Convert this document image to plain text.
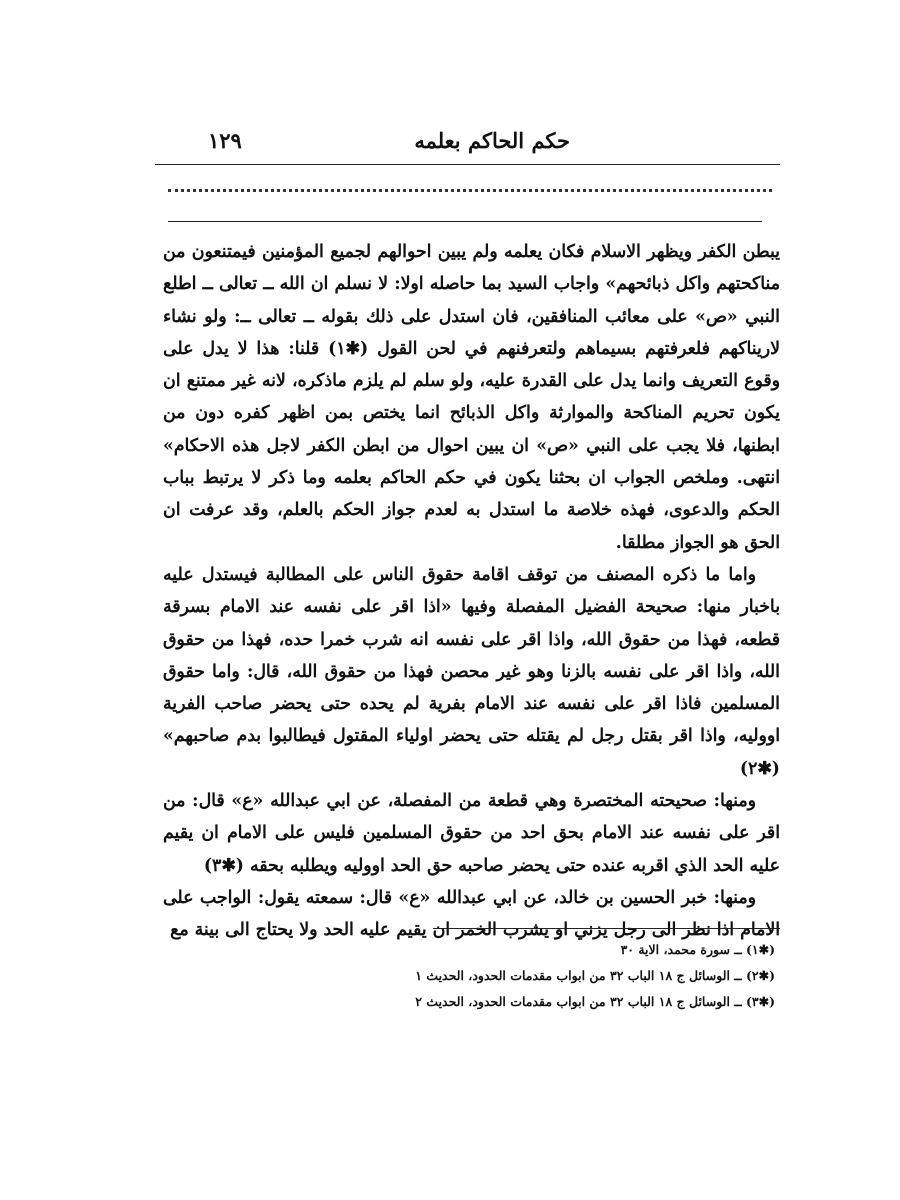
حكم الحاكم بعلمه
١٢٩

يبطن الكفر ويظهر الاسلام فكان يعلمه ولم يبين احوالهم لجميع المؤمنين فيمتنعون من مناكحتهم واكل ذبائحهم» واجاب السيد بما حاصله اولا: لا نسلم ان الله ــ تعالى ــ اطلع النبي «ص» على معائب المنافقين، فان استدل على ذلك بقوله ــ تعالى ــ: ولو نشاء لاريناكهم فلعرفتهم بسيماهم ولتعرفنهم في لحن القول (✱١) قلنا: هذا لا يدل على وقوع التعريف وانما يدل على القدرة عليه، ولو سلم لم يلزم ماذكره، لانه غير ممتنع ان يكون تحريم المناكحة والموارثة واكل الذبائح انما يختص بمن اظهر كفره دون من ابطنها، فلا يجب على النبي «ص» ان يبين احوال من ابطن الكفر لاجل هذه الاحكام» انتهى. وملخص الجواب ان بحثنا يكون في حكم الحاكم بعلمه وما ذكر لا يرتبط بباب الحكم والدعوى، فهذه خلاصة ما استدل به لعدم جواز الحكم بالعلم، وقد عرفت ان الحق هو الجواز مطلقا.

واما ما ذكره المصنف من توقف اقامة حقوق الناس على المطالبة فيستدل عليه باخبار منها: صحيحة الفضيل المفصلة وفيها «اذا اقر على نفسه عند الامام بسرقة قطعه، فهذا من حقوق الله، واذا اقر على نفسه انه شرب خمرا حده، فهذا من حقوق الله، واذا اقر على نفسه بالزنا وهو غير محصن فهذا من حقوق الله، قال: واما حقوق المسلمين فاذا اقر على نفسه عند الامام بفرية لم يحده حتى يحضر صاحب الفرية اووليه، واذا اقر بقتل رجل لم يقتله حتى يحضر اولياء المقتول فيطالبوا بدم صاحبهم» (✱٢)

ومنها: صحيحته المختصرة وهي قطعة من المفصلة، عن ابي عبدالله «ع» قال: من اقر على نفسه عند الامام بحق احد من حقوق المسلمين فليس على الامام ان يقيم عليه الحد الذي اقربه عنده حتى يحضر صاحبه حق الحد اووليه ويطلبه بحقه (✱٣)

ومنها: خبر الحسين بن خالد، عن ابي عبدالله «ع» قال: سمعته يقول: الواجب على الامام اذا نظر الى رجل يزني او يشرب الخمر ان يقيم عليه الحد ولا يحتاج الى بينة مع

(✱١) ــ سورة محمد، الاية ٣٠
(✱٢) ــ الوسائل ج ١٨ الباب ٣٢ من ابواب مقدمات الحدود، الحديث ١
(✱٣) ــ الوسائل ج ١٨ الباب ٣٢ من ابواب مقدمات الحدود، الحديث ٢
